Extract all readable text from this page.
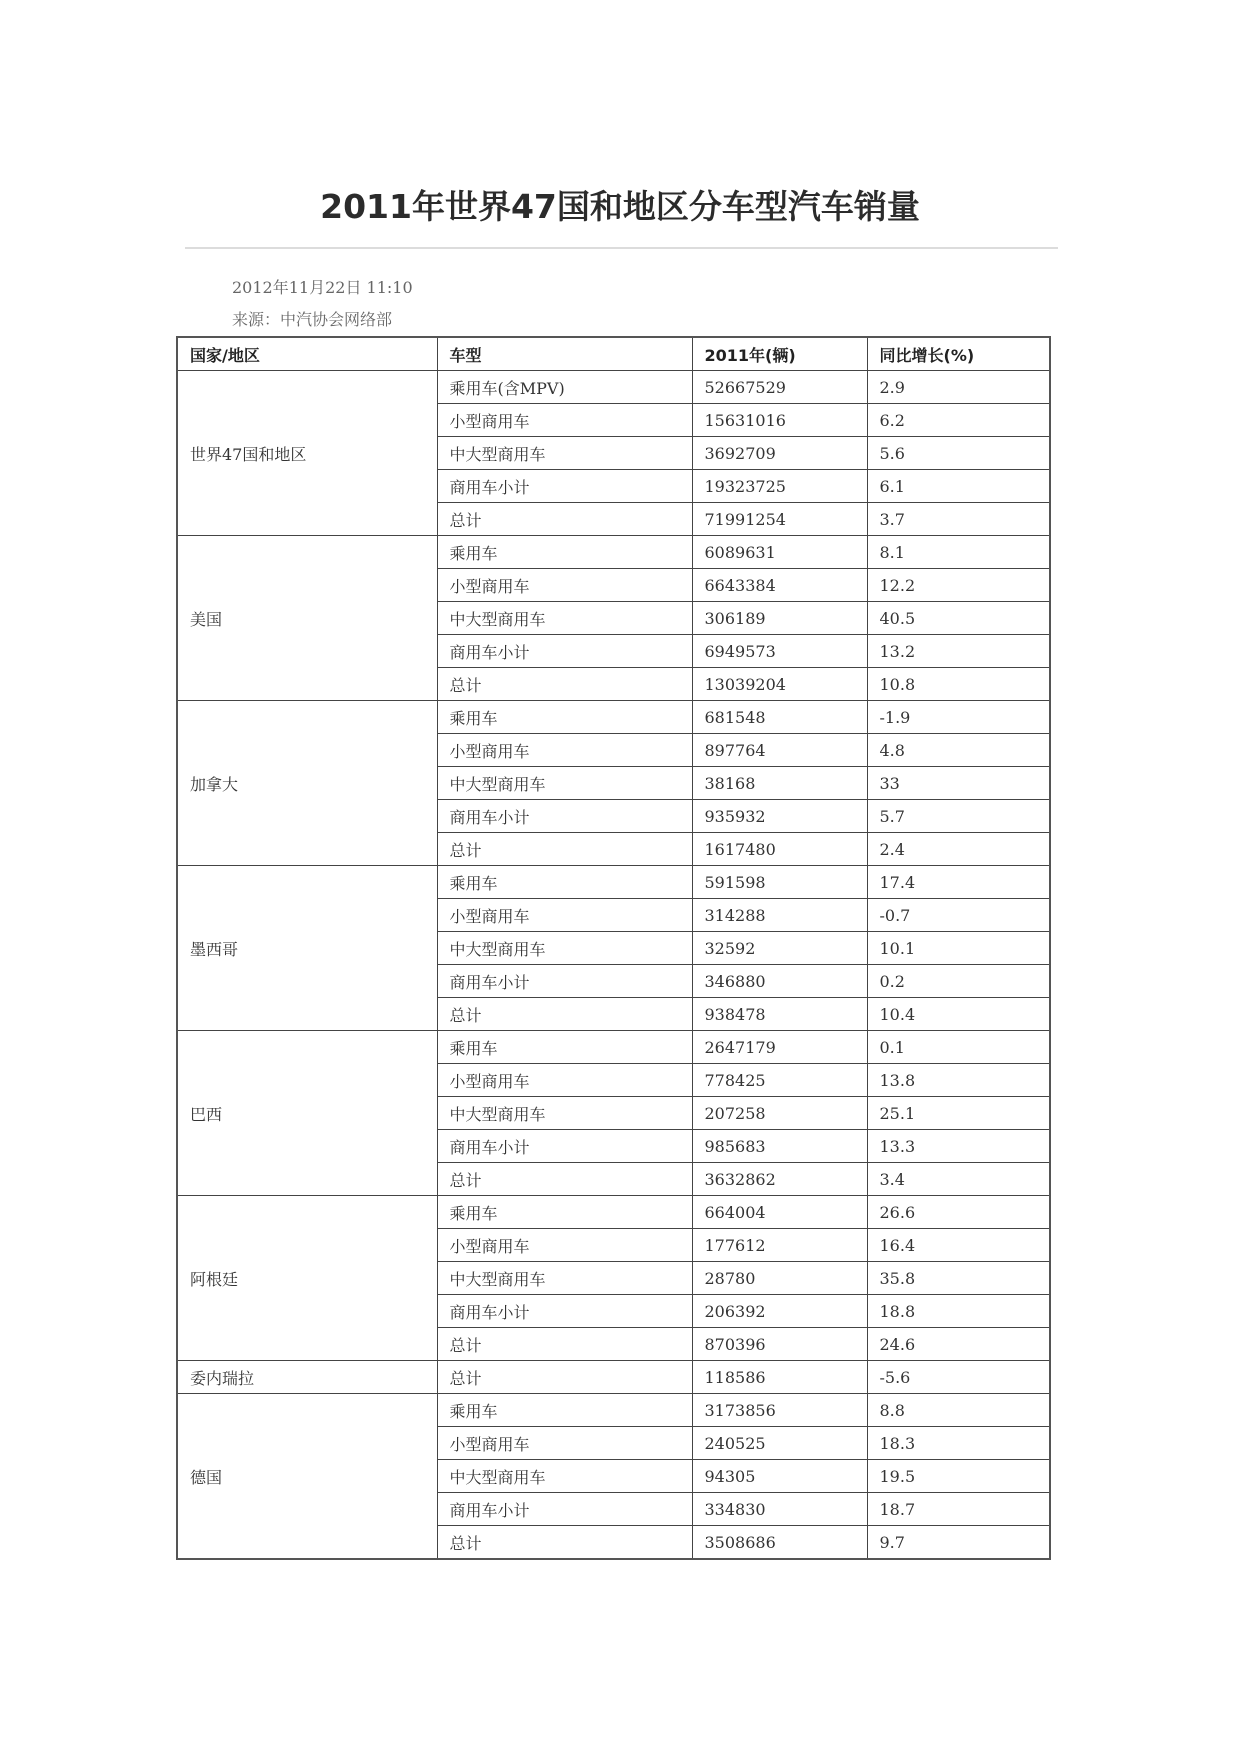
2011年世界47国和地区分车型汽车销量
2012年11月22日 11:10
来源：中汽协会网络部
国家/地区	车型	2011年(辆)	同比增长(%)
世界47国和地区	乘用车(含MPV)	52667529	2.9
	小型商用车	15631016	6.2
	中大型商用车	3692709	5.6
	商用车小计	19323725	6.1
	总计	71991254	3.7
美国	乘用车	6089631	8.1
	小型商用车	6643384	12.2
	中大型商用车	306189	40.5
	商用车小计	6949573	13.2
	总计	13039204	10.8
加拿大	乘用车	681548	-1.9
	小型商用车	897764	4.8
	中大型商用车	38168	33
	商用车小计	935932	5.7
	总计	1617480	2.4
墨西哥	乘用车	591598	17.4
	小型商用车	314288	-0.7
	中大型商用车	32592	10.1
	商用车小计	346880	0.2
	总计	938478	10.4
巴西	乘用车	2647179	0.1
	小型商用车	778425	13.8
	中大型商用车	207258	25.1
	商用车小计	985683	13.3
	总计	3632862	3.4
阿根廷	乘用车	664004	26.6
	小型商用车	177612	16.4
	中大型商用车	28780	35.8
	商用车小计	206392	18.8
	总计	870396	24.6
委内瑞拉	总计	118586	-5.6
德国	乘用车	3173856	8.8
	小型商用车	240525	18.3
	中大型商用车	94305	19.5
	商用车小计	334830	18.7
	总计	3508686	9.7
